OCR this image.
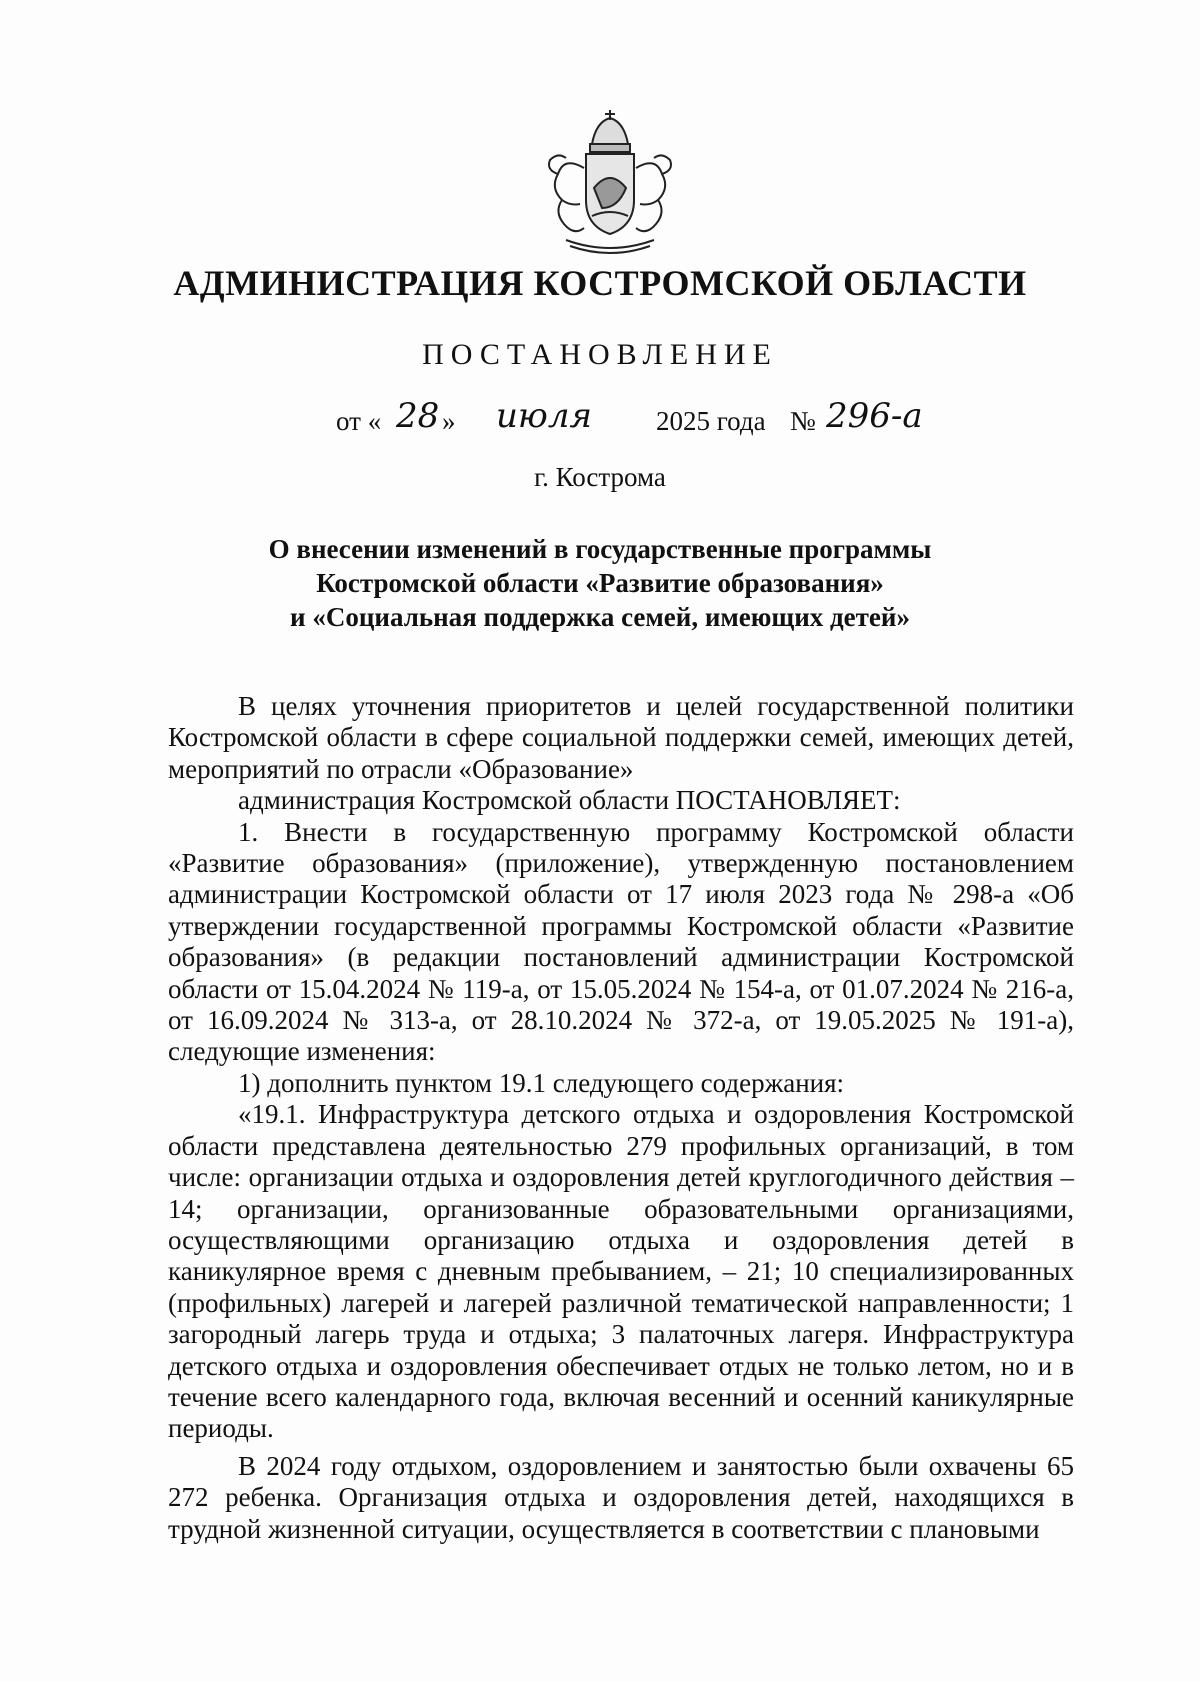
АДМИНИСТРАЦИЯ КОСТРОМСКОЙ ОБЛАСТИ
ПОСТАНОВЛЕНИЕ
от « 28 » июля 2025 года № 296-а
г. Кострома
О внесении изменений в государственные программы
Костромской области «Развитие образования»
и «Социальная поддержка семей, имеющих детей»

В целях уточнения приоритетов и целей государственной политики Костромской области в сфере социальной поддержки семей, имеющих детей, мероприятий по отрасли «Образование»

администрация Костромской области ПОСТАНОВЛЯЕТ:

1. Внести в государственную программу Костромской области «Развитие образования» (приложение), утвержденную постановлением администрации Костромской области от 17 июля 2023 года № 298-а «Об утверждении государственной программы Костромской области «Развитие образования» (в редакции постановлений администрации Костромской области от 15.04.2024 № 119-а, от 15.05.2024 № 154-а, от 01.07.2024 № 216-а, от 16.09.2024 № 313-а, от 28.10.2024 № 372-а, от 19.05.2025 № 191-а), следующие изменения:

1) дополнить пунктом 19.1 следующего содержания:

«19.1. Инфраструктура детского отдыха и оздоровления Костромской области представлена деятельностью 279 профильных организаций, в том числе: организации отдыха и оздоровления детей круглогодичного действия – 14; организации, организованные образовательными организациями, осуществляющими организацию отдыха и оздоровления детей в каникулярное время с дневным пребыванием, – 21; 10 специализированных (профильных) лагерей и лагерей различной тематической направленности; 1 загородный лагерь труда и отдыха; 3 палаточных лагеря. Инфраструктура детского отдыха и оздоровления обеспечивает отдых не только летом, но и в течение всего календарного года, включая весенний и осенний каникулярные периоды.

В 2024 году отдыхом, оздоровлением и занятостью были охвачены 65 272 ребенка. Организация отдыха и оздоровления детей, находящихся в трудной жизненной ситуации, осуществляется в соответствии с плановыми
